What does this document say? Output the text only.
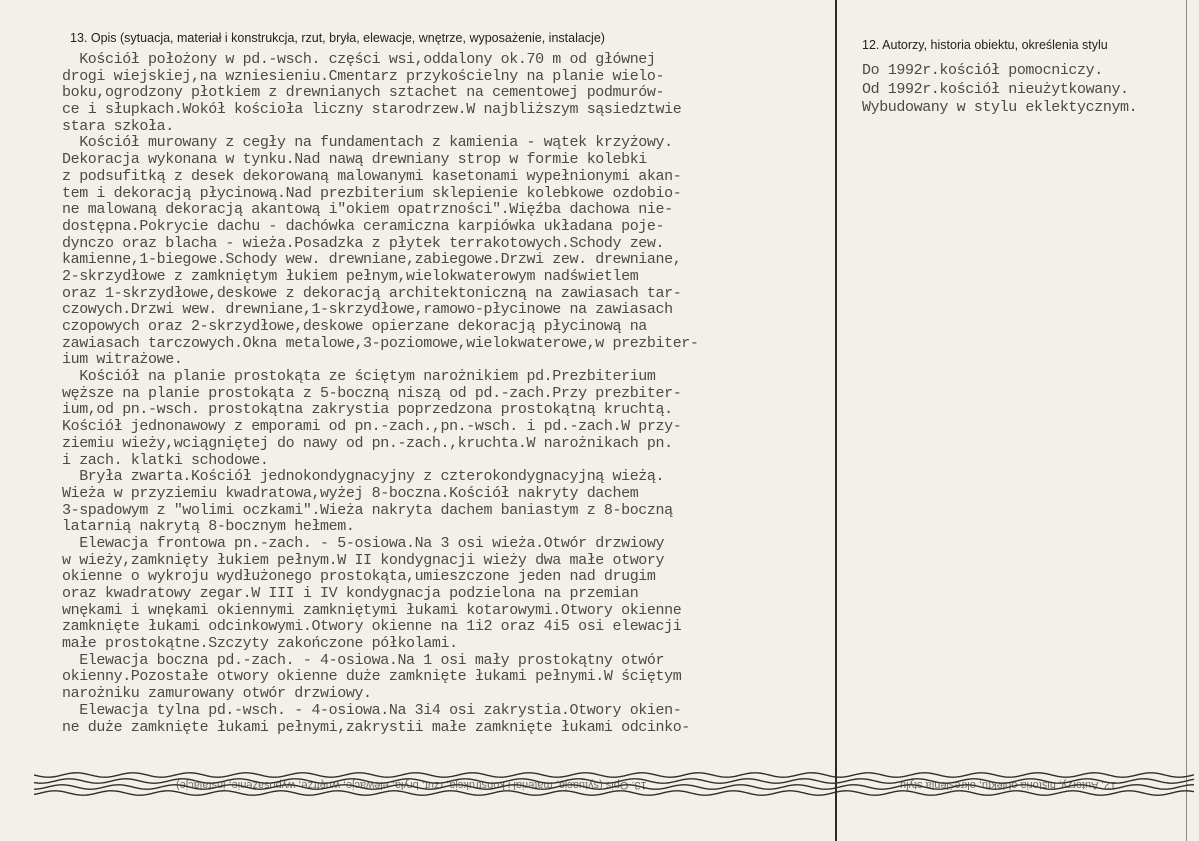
13. Opis (sytuacja, materiał i konstrukcja, rzut, bryła, elewacje, wnętrze, wyposażenie, instalacje)	12. Autorzy, historia obiektu, określenia stylu
Kościół położony w pd.-wsch. części wsi,oddalony ok.70 m od głównej
drogi wiejskiej,na wzniesieniu.Cmentarz przykościelny na planie wielo-
boku,ogrodzony płotkiem z drewnianych sztachet na cementowej podmurów-
ce i słupkach.Wokół kościoła liczny starodrzew.W najbliższym sąsiedztwie
stara szkoła.
Kościół murowany z cegły na fundamentach z kamienia - wątek krzyżowy.
Dekoracja wykonana w tynku.Nad nawą drewniany strop w formie kolebki
z podsufitką z desek dekorowaną malowanymi kasetonami wypełnionymi akan-
tem i dekoracją płycinową.Nad prezbiterium sklepienie kolebkowe ozdobio-
ne malowaną dekoracją akantową i"okiem opatrzności".Więźba dachowa nie-
dostępna.Pokrycie dachu - dachówka ceramiczna karpiówka układana poje-
dynczo oraz blacha - wieża.Posadzka z płytek terrakotowych.Schody zew.
kamienne,1-biegowe.Schody wew. drewniane,zabiegowe.Drzwi zew. drewniane,
2-skrzydłowe z zamkniętym łukiem pełnym,wielokwaterowym nadświetlem
oraz 1-skrzydłowe,deskowe z dekoracją architektoniczną na zawiasach tar-
czowych.Drzwi wew. drewniane,1-skrzydłowe,ramowo-płycinowe na zawiasach
czopowych oraz 2-skrzydłowe,deskowe opierzane dekoracją płycinową na
zawiasach tarczowych.Okna metalowe,3-poziomowe,wielokwaterowe,w prezbiter-
ium witrażowe.
Kościół na planie prostokąta ze ściętym narożnikiem pd.Prezbiterium
węższe na planie prostokąta z 5-boczną niszą od pd.-zach.Przy prezbiter-
ium,od pn.-wsch. prostokątna zakrystia poprzedzona prostokątną kruchtą.
Kościół jednonawowy z emporami od pn.-zach.,pn.-wsch. i pd.-zach.W przy-
ziemiu wieży,wciągniętej do nawy od pn.-zach.,kruchta.W narożnikach pn.
i zach. klatki schodowe.
Bryła zwarta.Kościół jednokondygnacyjny z czterokondygnacyjną wieżą.
Wieża w przyziemiu kwadratowa,wyżej 8-boczna.Kościół nakryty dachem
3-spadowym z "wolimi oczkami".Wieża nakryta dachem baniastym z 8-boczną
latarnią nakrytą 8-bocznym hełmem.
Elewacja frontowa pn.-zach. - 5-osiowa.Na 3 osi wieża.Otwór drzwiowy
w wieży,zamknięty łukiem pełnym.W II kondygnacji wieży dwa małe otwory
okienne o wykroju wydłużonego prostokąta,umieszczone jeden nad drugim
oraz kwadratowy zegar.W III i IV kondygnacja podzielona na przemian
wnękami i wnękami okiennymi zamkniętymi łukami kotarowymi.Otwory okienne
zamknięte łukami odcinkowymi.Otwory okienne na 1i2 oraz 4i5 osi elewacji
małe prostokątne.Szczyty zakończone półkolami.
Elewacja boczna pd.-zach. - 4-osiowa.Na 1 osi mały prostokątny otwór
okienny.Pozostałe otwory okienne duże zamknięte łukami pełnymi.W ściętym
narożniku zamurowany otwór drzwiowy.
Elewacja tylna pd.-wsch. - 4-osiowa.Na 3i4 osi zakrystia.Otwory okien-
ne duże zamknięte łukami pełnymi,zakrystii małe zamknięte łukami odcinko-
Do 1992r.kościół pomocniczy.
Od 1992r.kościół nieużytkowany.
Wybudowany w stylu eklektycznym.
13. Opis (sytuacja, materiał i konstrukcja, rzut, bryła, elewacje, wnętrze, wyposażenie, instalacje)	12. Autorzy, historia obiektu, określenia stylu
